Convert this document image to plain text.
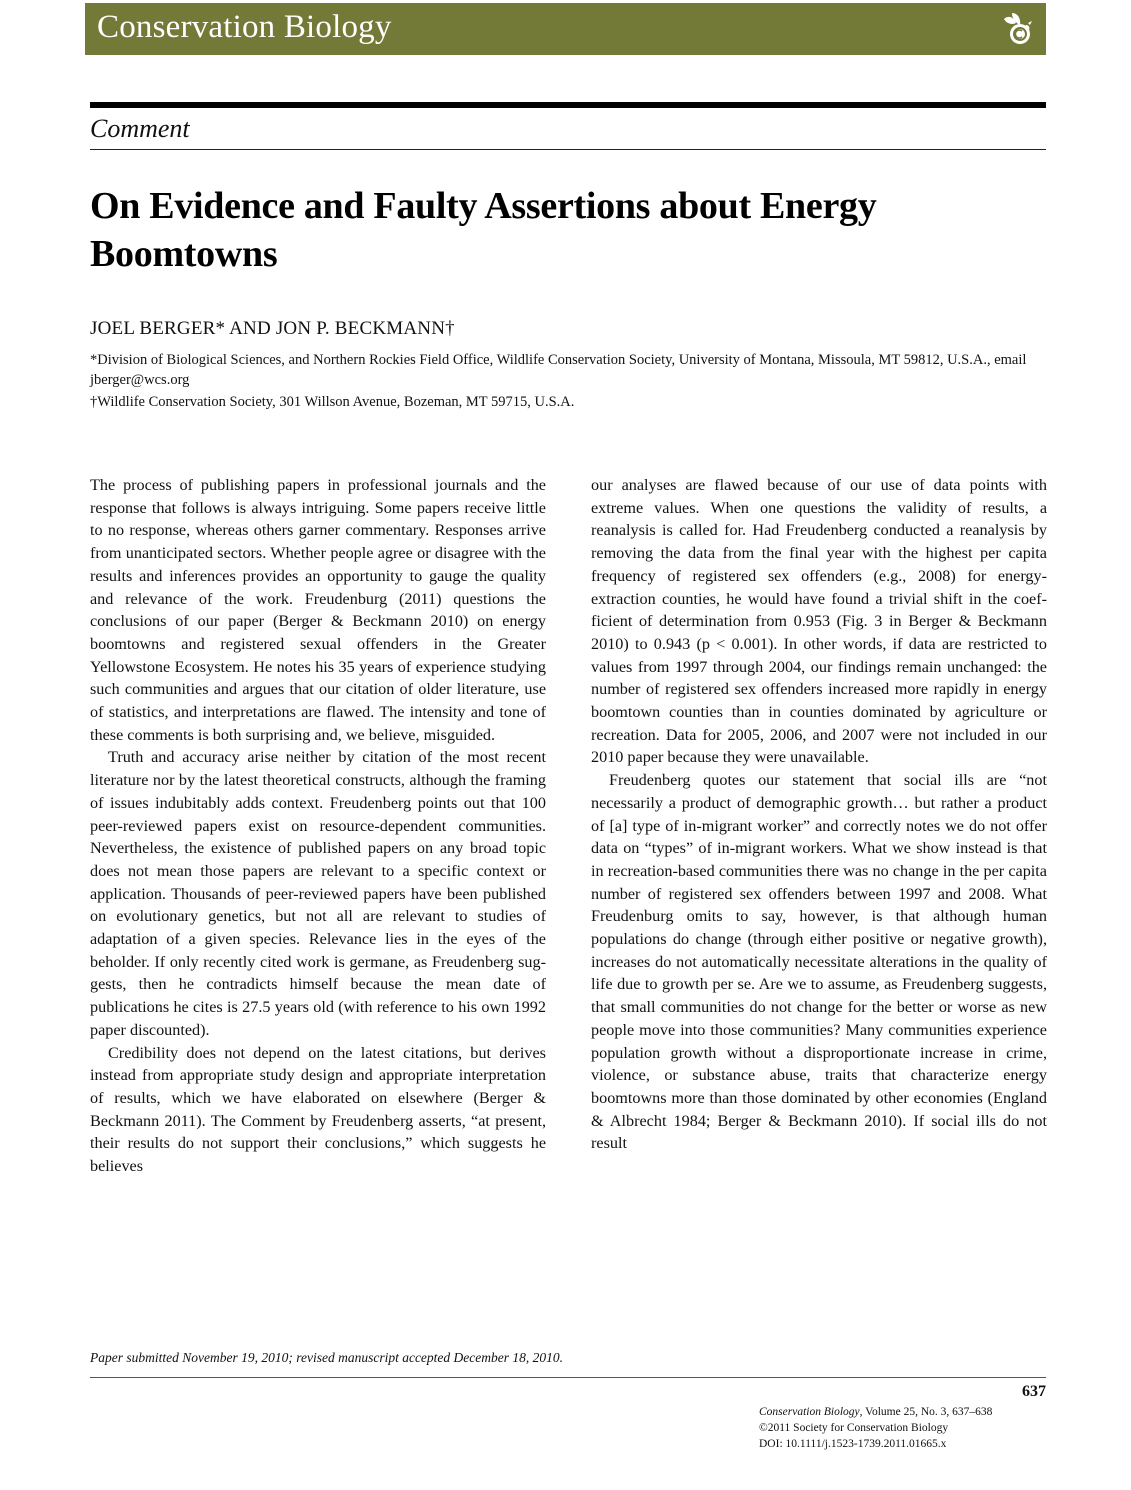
Conservation Biology
Comment
On Evidence and Faulty Assertions about Energy Boomtowns
JOEL BERGER* AND JON P. BECKMANN†
*Division of Biological Sciences, and Northern Rockies Field Office, Wildlife Conservation Society, University of Montana, Missoula, MT 59812, U.S.A., email jberger@wcs.org
†Wildlife Conservation Society, 301 Willson Avenue, Bozeman, MT 59715, U.S.A.

The process of publishing papers in professional journals and the response that follows is always intriguing. Some papers receive little to no response, whereas others garner commentary. Responses arrive from unanticipated sectors. Whether people agree or disagree with the results and inferences provides an opportunity to gauge the quality and relevance of the work. Freudenburg (2011) questions the conclusions of our paper (Berger & Beckmann 2010) on energy boomtowns and registered sexual offenders in the Greater Yellowstone Ecosystem. He notes his 35 years of experience studying such communities and argues that our citation of older literature, use of statistics, and interpretations are flawed. The intensity and tone of these comments is both surprising and, we believe, misguided.

Truth and accuracy arise neither by citation of the most recent literature nor by the latest theoretical constructs, although the framing of issues indubitably adds context. Freudenberg points out that 100 peer-reviewed papers exist on resource-dependent communities. Nevertheless, the existence of published papers on any broad topic does not mean those papers are relevant to a specific context or application. Thousands of peer-reviewed papers have been published on evolutionary genetics, but not all are relevant to studies of adaptation of a given species. Relevance lies in the eyes of the beholder. If only recently cited work is germane, as Freudenberg suggests, then he contradicts himself because the mean date of publications he cites is 27.5 years old (with reference to his own 1992 paper discounted).

Credibility does not depend on the latest citations, but derives instead from appropriate study design and appropriate interpretation of results, which we have elaborated on elsewhere (Berger & Beckmann 2011). The Comment by Freudenberg asserts, “at present, their results do not support their conclusions,” which suggests he believes

our analyses are flawed because of our use of data points with extreme values. When one questions the validity of results, a reanalysis is called for. Had Freudenberg conducted a reanalysis by removing the data from the final year with the highest per capita frequency of registered sex offenders (e.g., 2008) for energy-extraction counties, he would have found a trivial shift in the coefficient of determination from 0.953 (Fig. 3 in Berger & Beckmann 2010) to 0.943 (p < 0.001). In other words, if data are restricted to values from 1997 through 2004, our findings remain unchanged: the number of registered sex offenders increased more rapidly in energy boomtown counties than in counties dominated by agriculture or recreation. Data for 2005, 2006, and 2007 were not included in our 2010 paper because they were unavailable.

Freudenberg quotes our statement that social ills are “not necessarily a product of demographic growth… but rather a product of [a] type of in-migrant worker” and correctly notes we do not offer data on “types” of in-migrant workers. What we show instead is that in recreation-based communities there was no change in the per capita number of registered sex offenders between 1997 and 2008. What Freudenburg omits to say, however, is that although human populations do change (through either positive or negative growth), increases do not automatically necessitate alterations in the quality of life due to growth per se. Are we to assume, as Freudenberg suggests, that small communities do not change for the better or worse as new people move into those communities? Many communities experience population growth without a disproportionate increase in crime, violence, or substance abuse, traits that characterize energy boomtowns more than those dominated by other economies (England & Albrecht 1984; Berger & Beckmann 2010). If social ills do not result

Paper submitted November 19, 2010; revised manuscript accepted December 18, 2010.
637
Conservation Biology, Volume 25, No. 3, 637–638
©2011 Society for Conservation Biology
DOI: 10.1111/j.1523-1739.2011.01665.x
